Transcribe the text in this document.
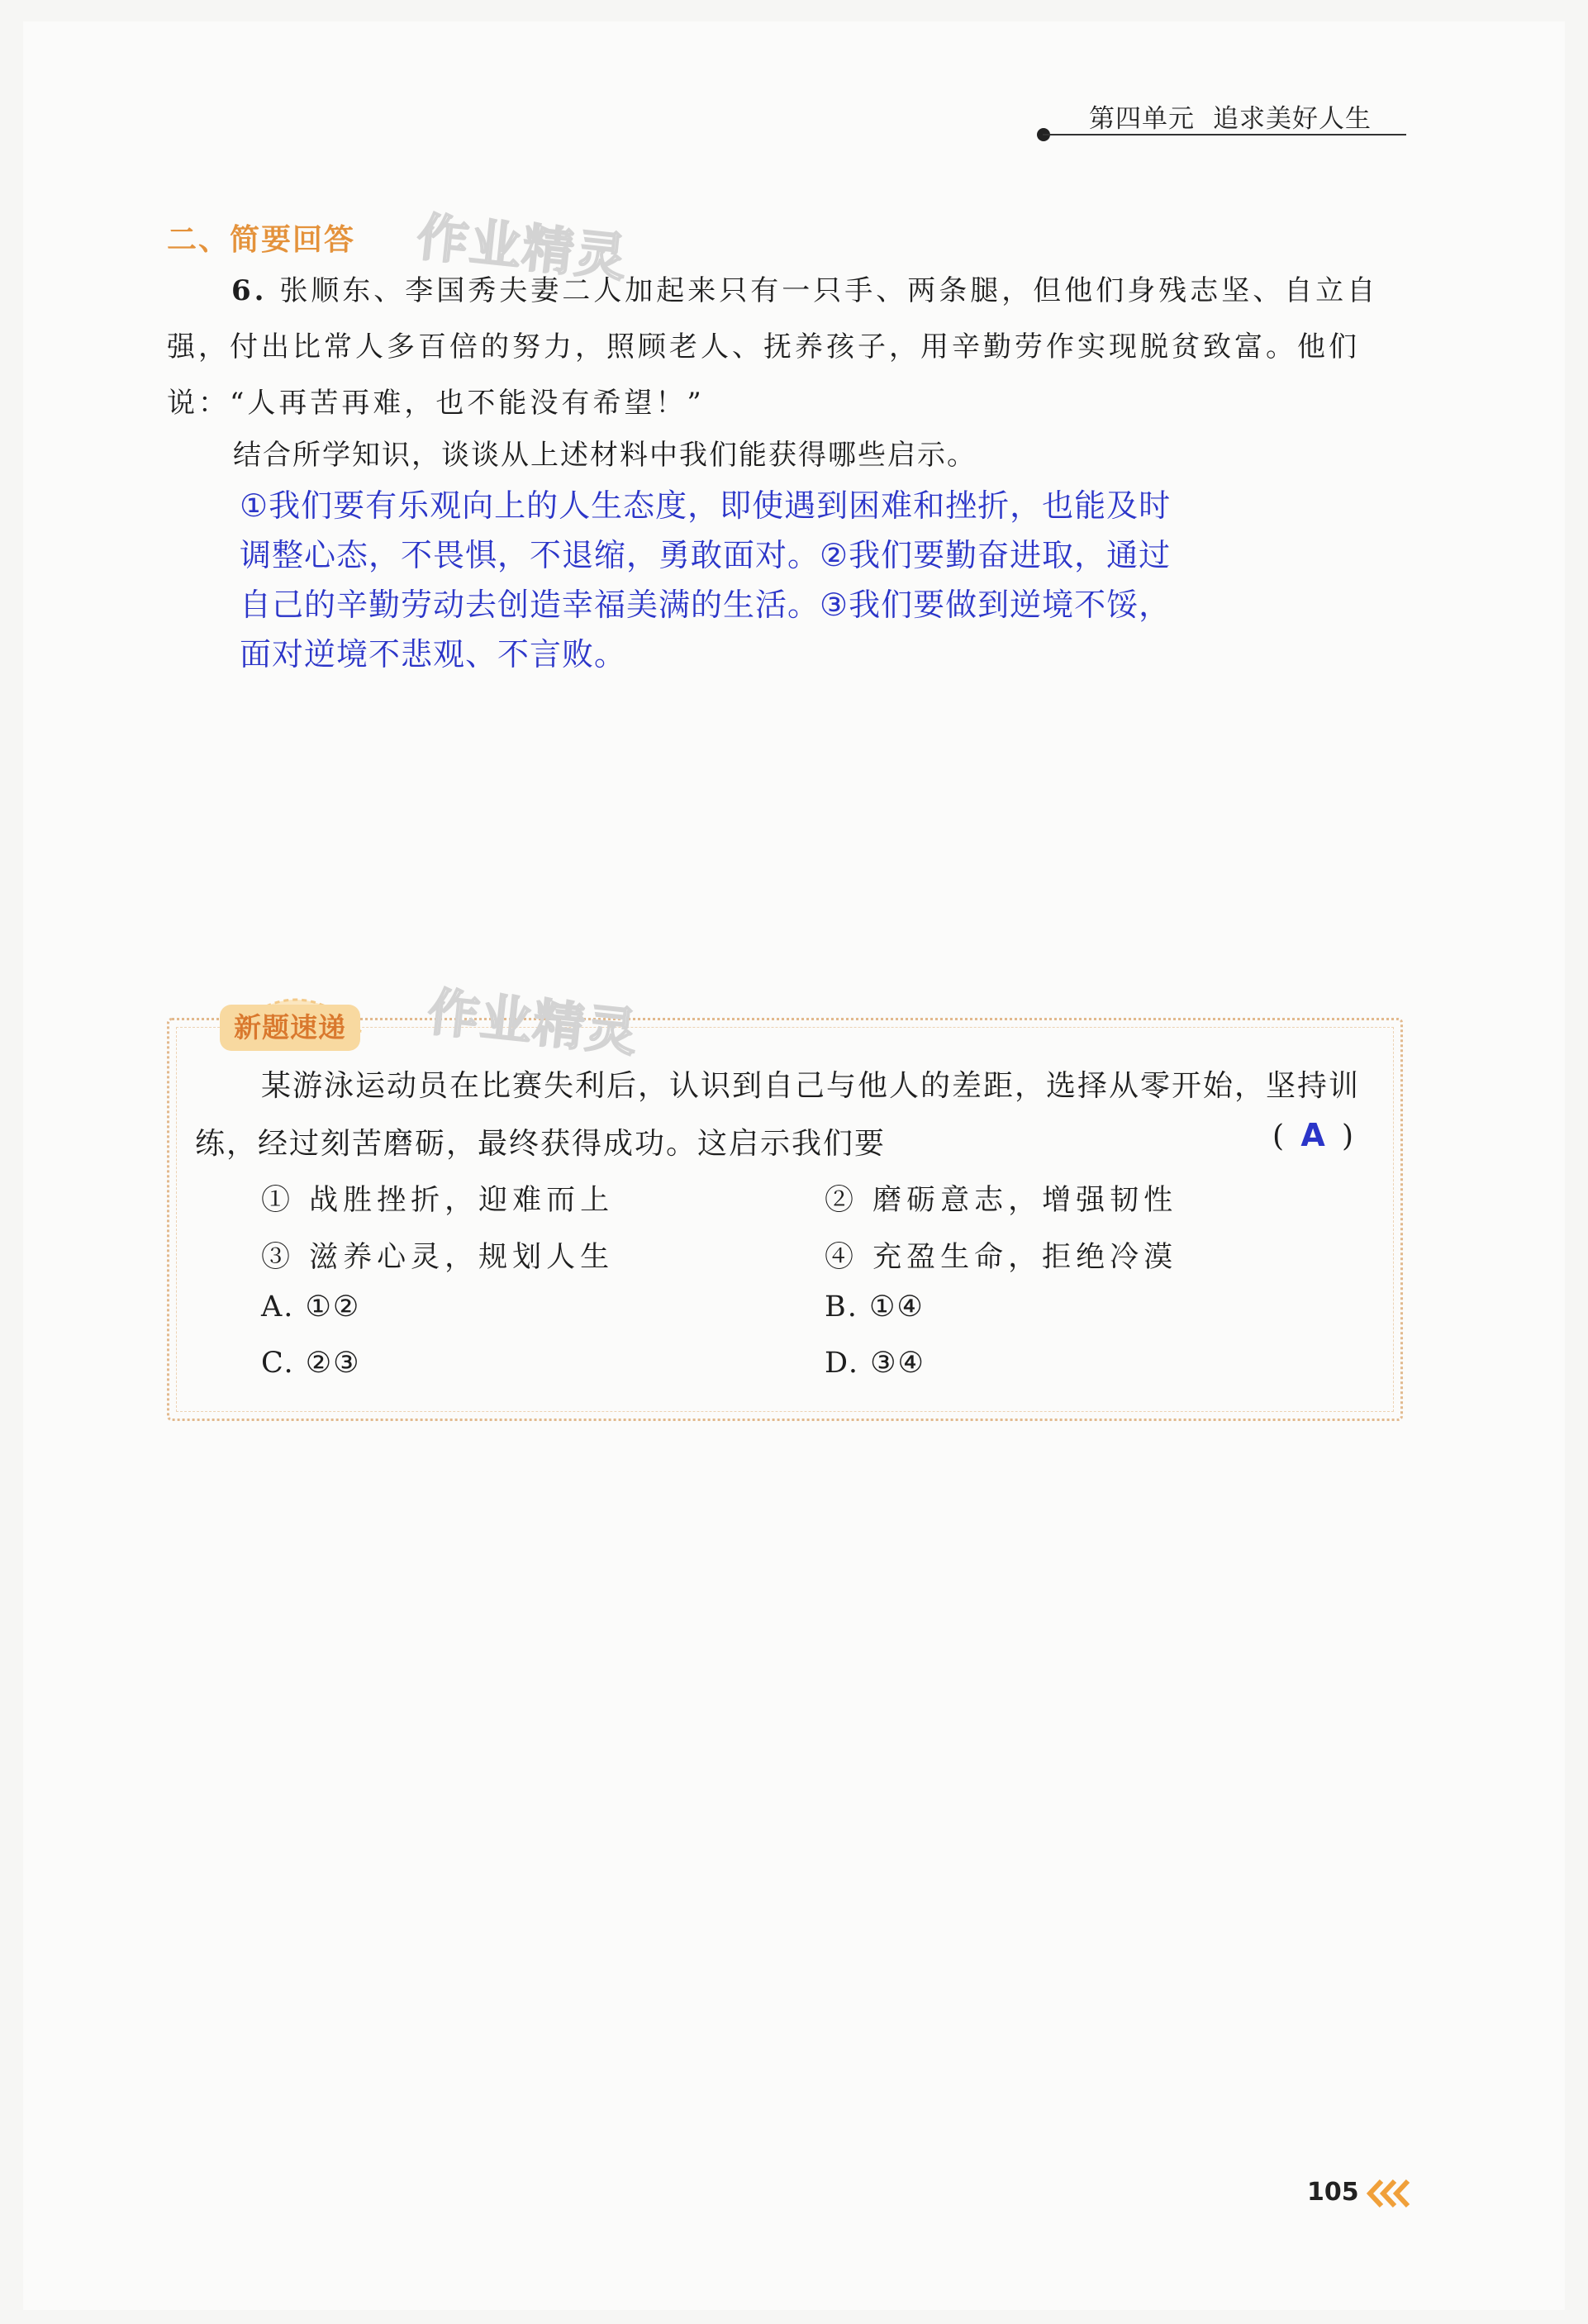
第四单元 追求美好人生
二、简要回答 作业精灵
6. 张顺东、李国秀夫妻二人加起来只有一只手、两条腿，但他们身残志坚、自立自强，付出比常人多百倍的努力，照顾老人、抚养孩子，用辛勤劳作实现脱贫致富。他们说：“人再苦再难，也不能没有希望！”
结合所学知识，谈谈从上述材料中我们能获得哪些启示。
①我们要有乐观向上的人生态度，即使遇到困难和挫折，也能及时调整心态，不畏惧，不退缩，勇敢面对。②我们要勤奋进取，通过自己的辛勤劳动去创造幸福美满的生活。③我们要做到逆境不馁，面对逆境不悲观、不言败。
新题速递 作业精灵
某游泳运动员在比赛失利后，认识到自己与他人的差距，选择从零开始，坚持训练，经过刻苦磨砺，最终获得成功。这启示我们要	( A )
① 战胜挫折，迎难而上	② 磨砺意志，增强韧性
③ 滋养心灵，规划人生	④ 充盈生命，拒绝冷漠
A. ①②	B. ①④
C. ②③	D. ③④
105
